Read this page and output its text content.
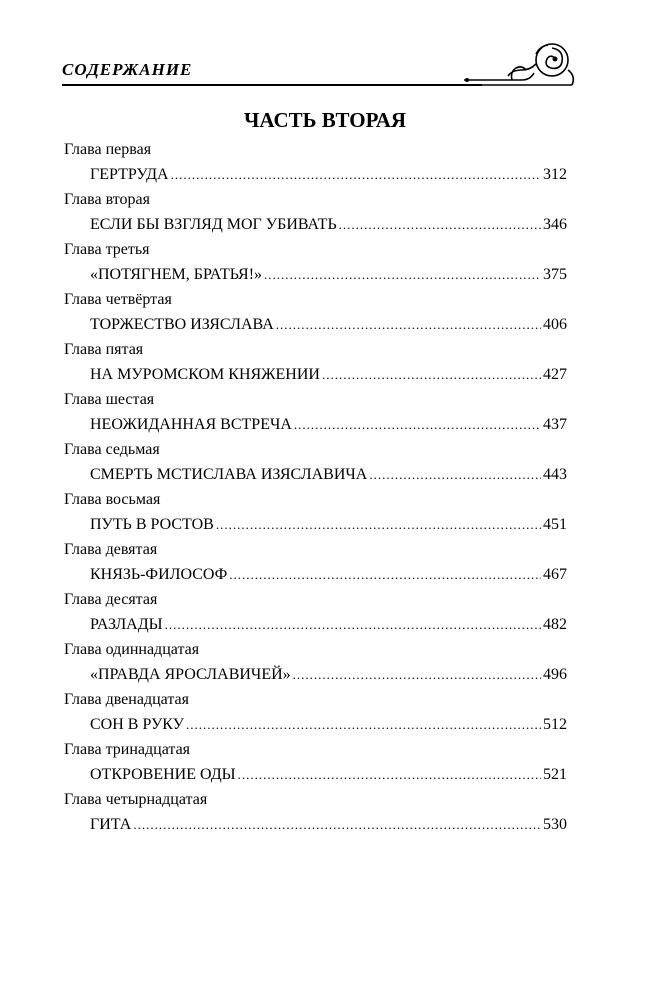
СОДЕРЖАНИЕ
ЧАСТЬ ВТОРАЯ
Глава первая
ГЕРТРУДА .....	312
Глава вторая
ЕСЛИ БЫ ВЗГЛЯД МОГ УБИВАТЬ .....	346
Глава третья
«ПОТЯГНЕМ, БРАТЬЯ!» .....	375
Глава четвёртая
ТОРЖЕСТВО ИЗЯСЛАВА .....	406
Глава пятая
НА МУРОМСКОМ КНЯЖЕНИИ .....	427
Глава шестая
НЕОЖИДАННАЯ ВСТРЕЧА .....	437
Глава седьмая
СМЕРТЬ МСТИСЛАВА ИЗЯСЛАВИЧА .....	443
Глава восьмая
ПУТЬ В РОСТОВ .....	451
Глава девятая
КНЯЗЬ-ФИЛОСОФ .....	467
Глава десятая
РАЗЛАДЫ .....	482
Глава одиннадцатая
«ПРАВДА ЯРОСЛАВИЧЕЙ» .....	496
Глава двенадцатая
СОН В РУКУ .....	512
Глава тринадцатая
ОТКРОВЕНИЕ ОДЫ .....	521
Глава четырнадцатая
ГИТА .....	530
